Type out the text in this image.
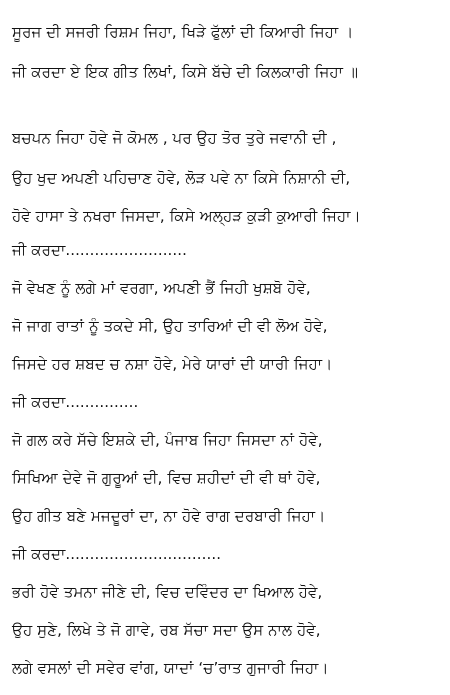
ਸੂਰਜ ਦੀ ਸਜਰੀ ਰਿਸ਼ਮ ਜਿਹਾ, ਖਿੜੇ ਫੁੱਲਾਂ ਦੀ ਕਿਆਰੀ ਜਿਹਾ ।
ਜੀ ਕਰਦਾ ਏ ਇਕ ਗੀਤ ਲਿਖਾਂ, ਕਿਸੇ ਬੱਚੇ ਦੀ ਕਿਲਕਾਰੀ ਜਿਹਾ ॥
ਬਚਪਨ ਜਿਹਾ ਹੋਵੇ ਜੋ ਕੋਮਲ , ਪਰ ਉਹ ਤੋਰ ਤੁਰੇ ਜਵਾਨੀ ਦੀ ,
ਉਹ ਖੁਦ ਅਪਣੀ ਪਹਿਚਾਣ ਹੋਵੇ, ਲੋੜ ਪਵੇ ਨਾ ਕਿਸੇ ਨਿਸ਼ਾਨੀ ਦੀ,
ਹੋਵੇ ਹਾਸਾ ਤੇ ਨਖਰਾ ਜਿਸਦਾ, ਕਿਸੇ ਅਲ੍ਹੜ ਕੁੜੀ ਕੁਆਰੀ ਜਿਹਾ।
ਜੀ ਕਰਦਾ.........................
ਜੋ ਵੇਖਣ ਨੂੰ ਲਗੇ ਮਾਂ ਵਰਗਾ, ਅਪਣੀ ਭੈਂ ਜਿਹੀ ਖੁਸ਼ਬੋ ਹੋਵੇ,
ਜੋ ਜਾਗ ਰਾਤਾਂ ਨੂੰ ਤਕਦੇ ਸੀ, ਉਹ ਤਾਰਿਆਂ ਦੀ ਵੀ ਲੋਅ ਹੋਵੇ,
ਜਿਸਦੇ ਹਰ ਸ਼ਬਦ ਚ ਨਸ਼ਾ ਹੋਵੇ, ਮੇਰੇ ਯਾਰਾਂ ਦੀ ਯਾਰੀ ਜਿਹਾ।
ਜੀ ਕਰਦਾ...............
ਜੋ ਗਲ ਕਰੇ ਸੱਚੇ ਇਸ਼ਕੇ ਦੀ, ਪੰਜਾਬ ਜਿਹਾ ਜਿਸਦਾ ਨਾਂ ਹੋਵੇ,
ਸਿਖਿਆ ਦੇਵੇ ਜੋ ਗੁਰੂਆਂ ਦੀ, ਵਿਚ ਸ਼ਹੀਦਾਂ ਦੀ ਵੀ ਥਾਂ ਹੋਵੇ,
ਉਹ ਗੀਤ ਬਣੇ ਮਜਦੂਰਾਂ ਦਾ, ਨਾ ਹੋਵੇ ਰਾਗ ਦਰਬਾਰੀ ਜਿਹਾ।
ਜੀ ਕਰਦਾ................................
ਭਰੀ ਹੋਵੇ ਤਮਨਾ ਜੀਣੇ ਦੀ, ਵਿਚ ਦਵਿੰਦਰ ਦਾ ਖਿਆਲ ਹੋਵੇ,
ਉਹ ਸੁਣੇ, ਲਿਖੇ ਤੇ ਜੋ ਗਾਵੇ, ਰਬ ਸੱਚਾ ਸਦਾ ਉਸ ਨਾਲ ਹੋਵੇ,
ਲਗੇ ਵਸਲਾਂ ਦੀ ਸਵੇਰ ਵਾਂਗ, ਯਾਦਾਂ ‘ਚ’ਰਾਤ ਗੁਜਾਰੀ ਜਿਹਾ।
